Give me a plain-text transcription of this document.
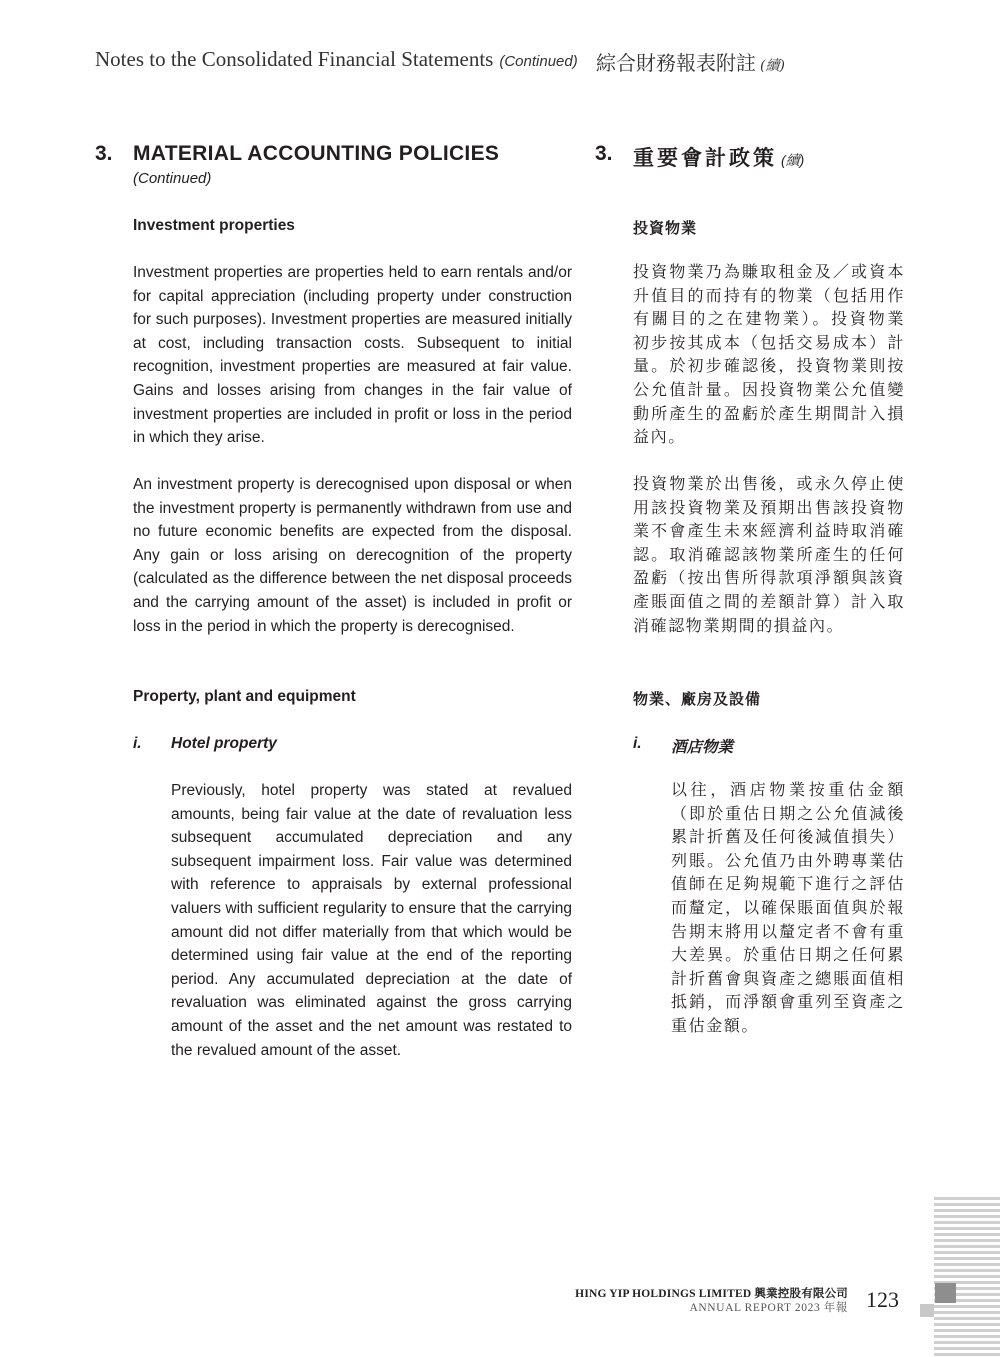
Notes to the Consolidated Financial Statements (Continued) 綜合財務報表附註 (續)
3. MATERIAL ACCOUNTING POLICIES
(Continued)
3. 重要會計政策 (續)
Investment properties	投資物業
Investment properties are properties held to earn rentals and/or for capital appreciation (including property under construction for such purposes). Investment properties are measured initially at cost, including transaction costs. Subsequent to initial recognition, investment properties are measured at fair value. Gains and losses arising from changes in the fair value of investment properties are included in profit or loss in the period in which they arise.
投資物業乃為賺取租金及／或資本升值目的而持有的物業（包括用作有關目的之在建物業）。投資物業初步按其成本（包括交易成本）計量。於初步確認後，投資物業則按公允值計量。因投資物業公允值變動所產生的盈虧於產生期間計入損益內。
An investment property is derecognised upon disposal or when the investment property is permanently withdrawn from use and no future economic benefits are expected from the disposal. Any gain or loss arising on derecognition of the property (calculated as the difference between the net disposal proceeds and the carrying amount of the asset) is included in profit or loss in the period in which the property is derecognised.
投資物業於出售後，或永久停止使用該投資物業及預期出售該投資物業不會產生未來經濟利益時取消確認。取消確認該物業所產生的任何盈虧（按出售所得款項淨額與該資產賬面值之間的差額計算）計入取消確認物業期間的損益內。
Property, plant and equipment	物業、廠房及設備
i. Hotel property	i. 酒店物業
Previously, hotel property was stated at revalued amounts, being fair value at the date of revaluation less subsequent accumulated depreciation and any subsequent impairment loss. Fair value was determined with reference to appraisals by external professional valuers with sufficient regularity to ensure that the carrying amount did not differ materially from that which would be determined using fair value at the end of the reporting period. Any accumulated depreciation at the date of revaluation was eliminated against the gross carrying amount of the asset and the net amount was restated to the revalued amount of the asset.
以往，酒店物業按重估金額（即於重估日期之公允值減後累計折舊及任何後減值損失）列賬。公允值乃由外聘專業估值師在足夠規範下進行之評估而釐定，以確保賬面值與於報告期末將用以釐定者不會有重大差異。於重估日期之任何累計折舊會與資產之總賬面值相抵銷，而淨額會重列至資產之重估金額。
HING YIP HOLDINGS LIMITED 興業控股有限公司
ANNUAL REPORT 2023 年報 123
